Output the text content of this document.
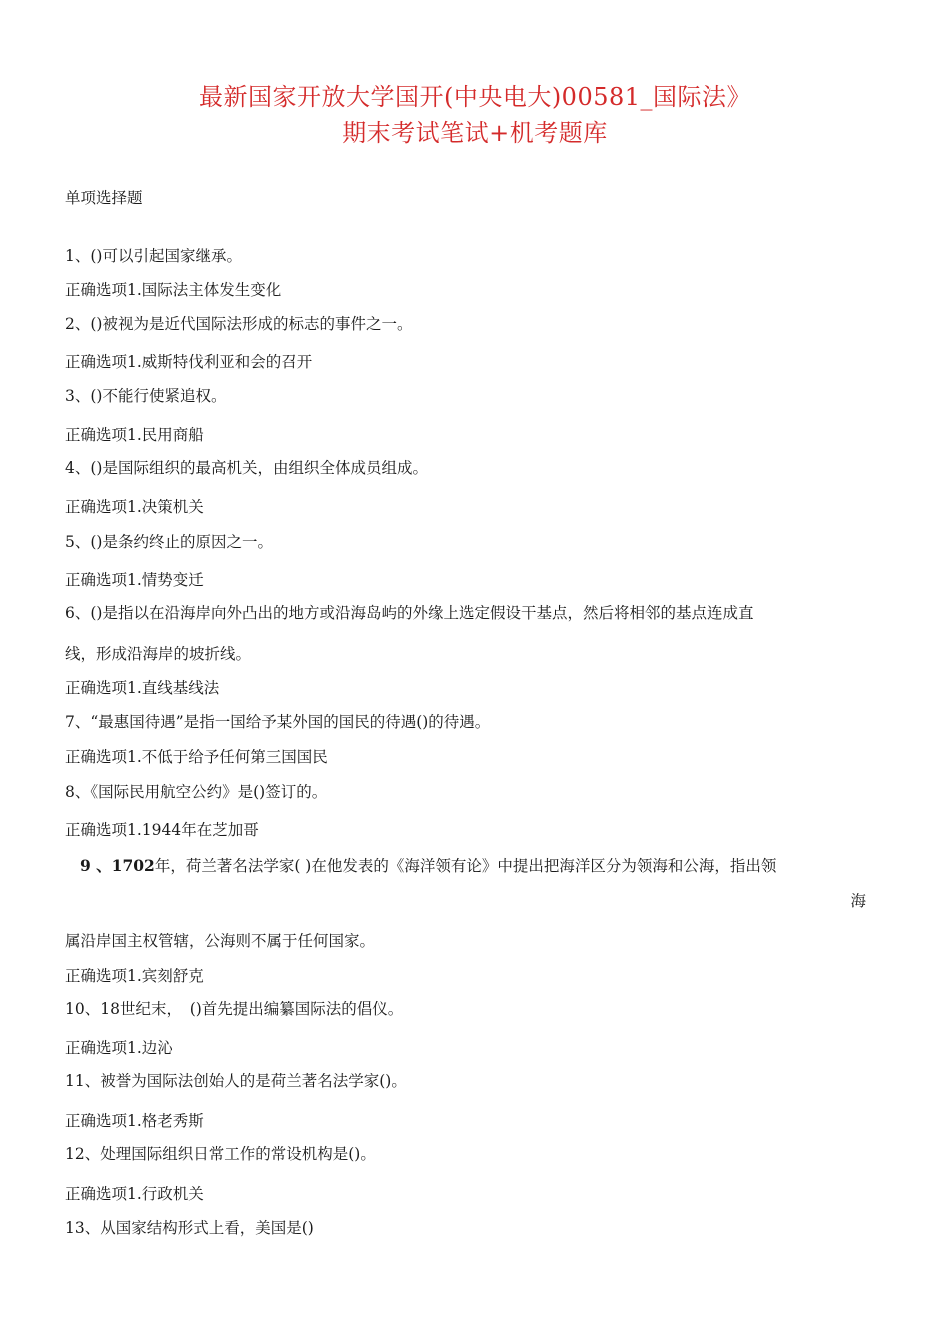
最新国家开放大学国开(中央电大)00581_国际法》
期末考试笔试+机考题库
单项选择题
1、()可以引起国家继承。
正确选项1.国际法主体发生变化
2、()被视为是近代国际法形成的标志的事件之一。
正确选项1.威斯特伐利亚和会的召开
3、()不能行使紧追权。
正确选项1.民用商船
4、()是国际组织的最高机关，由组织全体成员组成。
正确选项1.决策机关
5、()是条约终止的原因之一。
正确选项1.情势变迁
6、()是指以在沿海岸向外凸出的地方或沿海岛屿的外缘上选定假设干基点，然后将相邻的基点连成直
线，形成沿海岸的坡折线。
正确选项1.直线基线法
7、“最惠国待遇”是指一国给予某外国的国民的待遇()的待遇。
正确选项1.不低于给予任何第三国国民
8、《国际民用航空公约》是()签订的。
正确选项1.1944年在芝加哥
9 、1702年，荷兰著名法学家( )在他发表的《海洋领有论》中提出把海洋区分为领海和公海，指出领
海
属沿岸国主权管辖，公海则不属于任何国家。
正确选项1.宾刻舒克
10、18世纪末，　()首先提出编纂国际法的倡仪。
正确选项1.边沁
11、被誉为国际法创始人的是荷兰著名法学家()。
正确选项1.格老秀斯
12、处理国际组织日常工作的常设机构是()。
正确选项1.行政机关
13、从国家结构形式上看，美国是()
